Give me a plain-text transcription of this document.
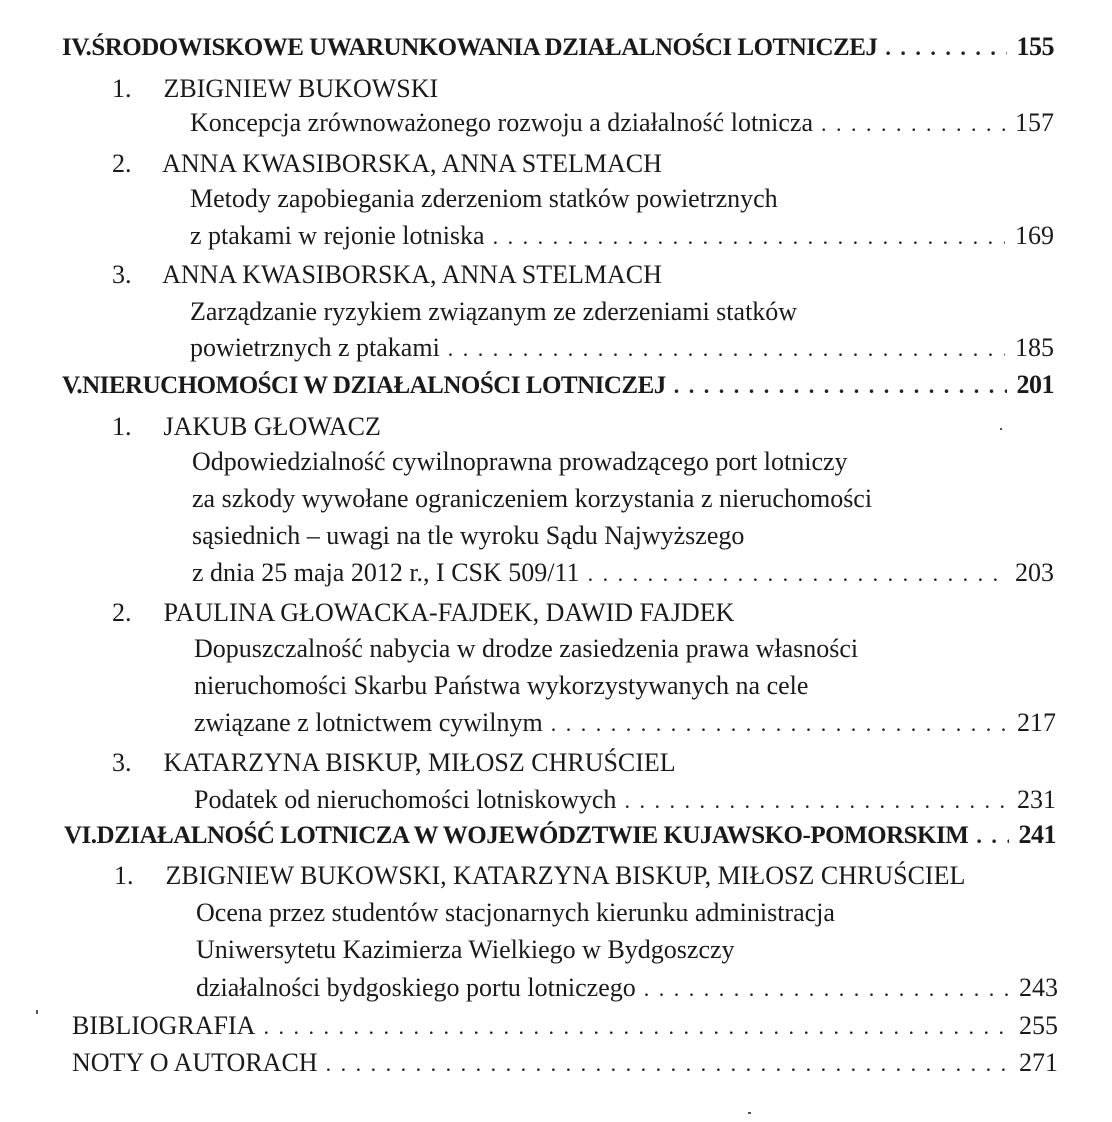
IV. ŚRODOWISKOWE UWARUNKOWANIA DZIAŁALNOŚCI LOTNICZEJ . . .	155
1. ZBIGNIEW BUKOWSKI
Koncepcja zrównoważonego rozwoju a działalność lotnicza . . .	157
2. ANNA KWASIBORSKA, ANNA STELMACH
Metody zapobiegania zderzeniom statków powietrznych
z ptakami w rejonie lotniska . . .	169
3. ANNA KWASIBORSKA, ANNA STELMACH
Zarządzanie ryzykiem związanym ze zderzeniami statków
powietrznych z ptakami . . .	185
V. NIERUCHOMOŚCI W DZIAŁALNOŚCI LOTNICZEJ . . .	201
1. JAKUB GŁOWACZ
Odpowiedzialność cywilnoprawna prowadzącego port lotniczy
za szkody wywołane ograniczeniem korzystania z nieruchomości
sąsiednich – uwagi na tle wyroku Sądu Najwyższego
z dnia 25 maja 2012 r., I CSK 509/11 . . .	203
2. PAULINA GŁOWACKA-FAJDEK, DAWID FAJDEK
Dopuszczalność nabycia w drodze zasiedzenia prawa własności
nieruchomości Skarbu Państwa wykorzystywanych na cele
związane z lotnictwem cywilnym . . .	217
3. KATARZYNA BISKUP, MIŁOSZ CHRUŚCIEL
Podatek od nieruchomości lotniskowych . . .	231
VI. DZIAŁALNOŚĆ LOTNICZA W WOJEWÓDZTWIE KUJAWSKO-POMORSKIM . . . 241
1. ZBIGNIEW BUKOWSKI, KATARZYNA BISKUP, MIŁOSZ CHRUŚCIEL
Ocena przez studentów stacjonarnych kierunku administracja
Uniwersytetu Kazimierza Wielkiego w Bydgoszczy
działalności bydgoskiego portu lotniczego . . .	243
BIBLIOGRAFIA . . .	255
NOTY O AUTORACH . . .	271
